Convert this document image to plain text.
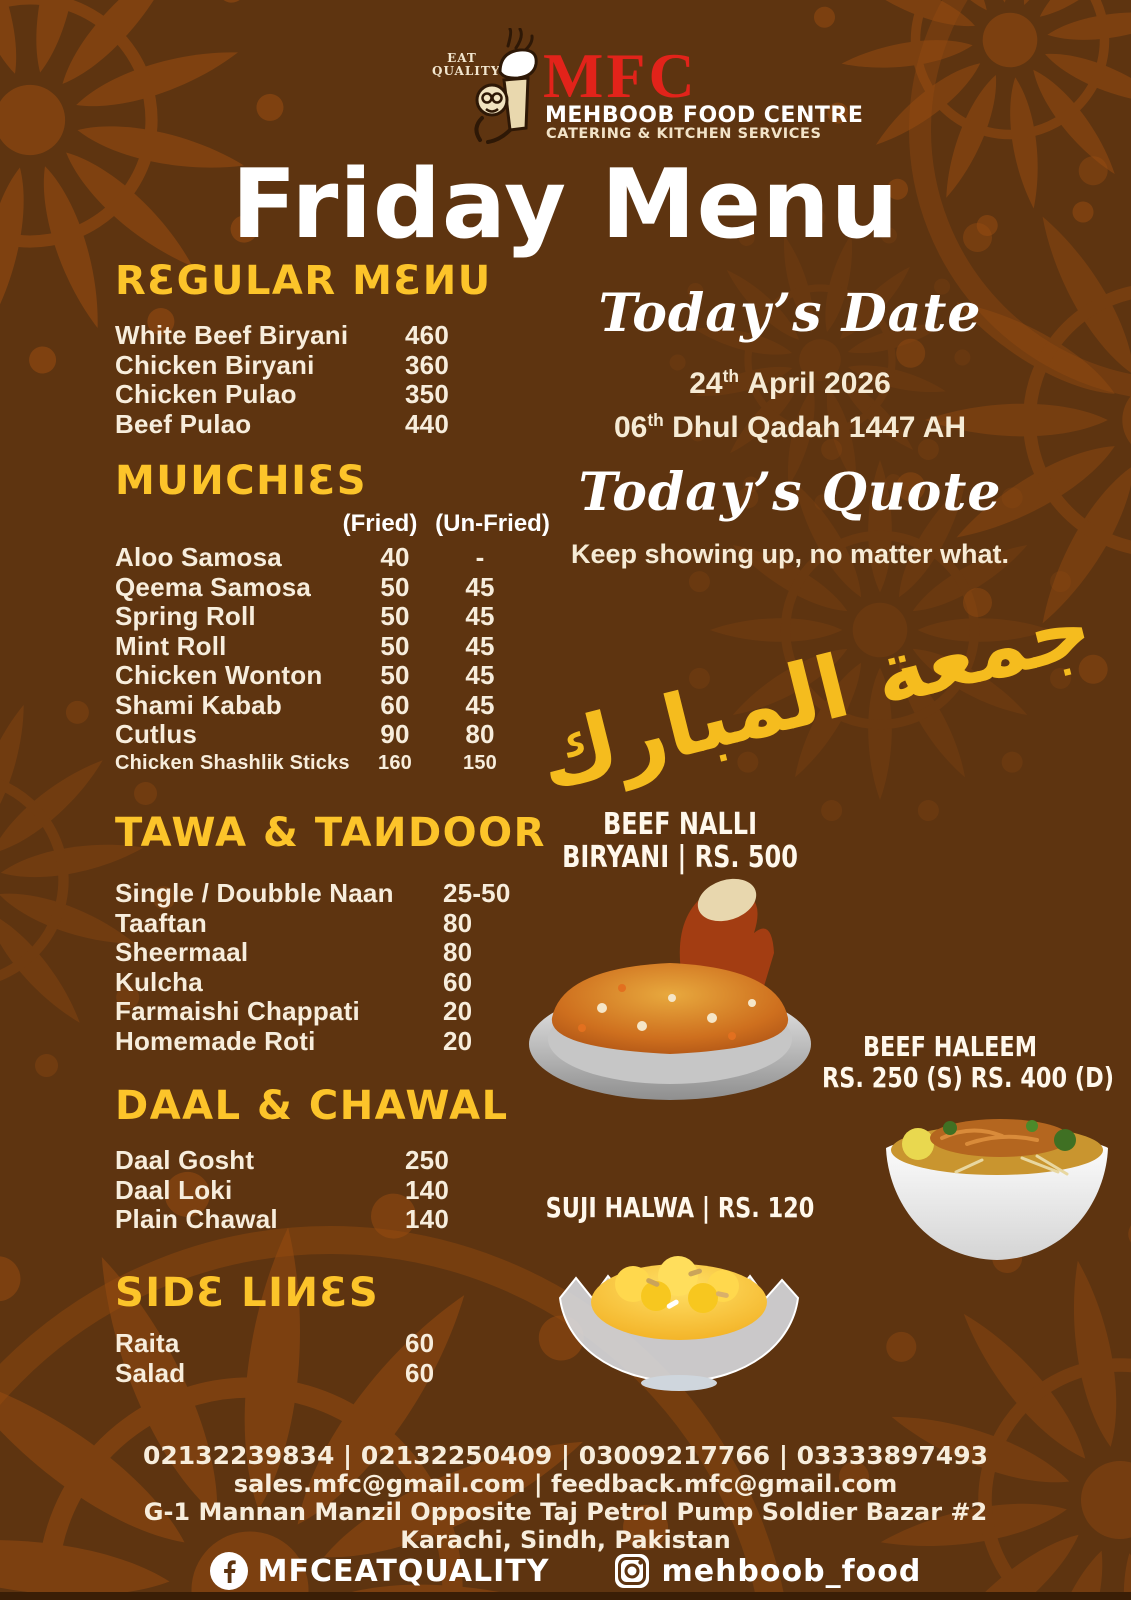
EAT QUALITY MFC
MEHBOOB FOOD CENTRE
CATERING & KITCHEN SERVICES
Friday Menu
RƐGULAR MƐИU
White Beef Biryani	460
Chicken Biryani	360
Chicken Pulao	350
Beef Pulao	440
MUИCHIƐS
(Fried) (Un-Fried)
Aloo Samosa	40	-
Qeema Samosa	50	45
Spring Roll	50	45
Mint Roll	50	45
Chicken Wonton	50	45
Shami Kabab	60	45
Cutlus	90	80
Chicken Shashlik Sticks	160	150
TAWA & TAИDOOR
Single / Doubble Naan	25-50
Taaftan	80
Sheermaal	80
Kulcha	60
Farmaishi Chappati	20
Homemade Roti	20
DAAL & CHAWAL
Daal Gosht	250
Daal Loki	140
Plain Chawal	140
SIDƐ LIИƐS
Raita	60
Salad	60
Today’s Date
24th April 2026
06th Dhul Qadah 1447 AH
Today’s Quote
Keep showing up, no matter what.
جمعة المبارك
BEEF NALLI
BIRYANI | RS. 500
BEEF HALEEM
RS. 250 (S) RS. 400 (D)
SUJI HALWA | RS. 120
02132239834 | 02132250409 | 03009217766 | 03333897493
sales.mfc@gmail.com | feedback.mfc@gmail.com
G-1 Mannan Manzil Opposite Taj Petrol Pump Soldier Bazar #2
Karachi, Sindh, Pakistan
MFCEATQUALITY	mehboob_food
